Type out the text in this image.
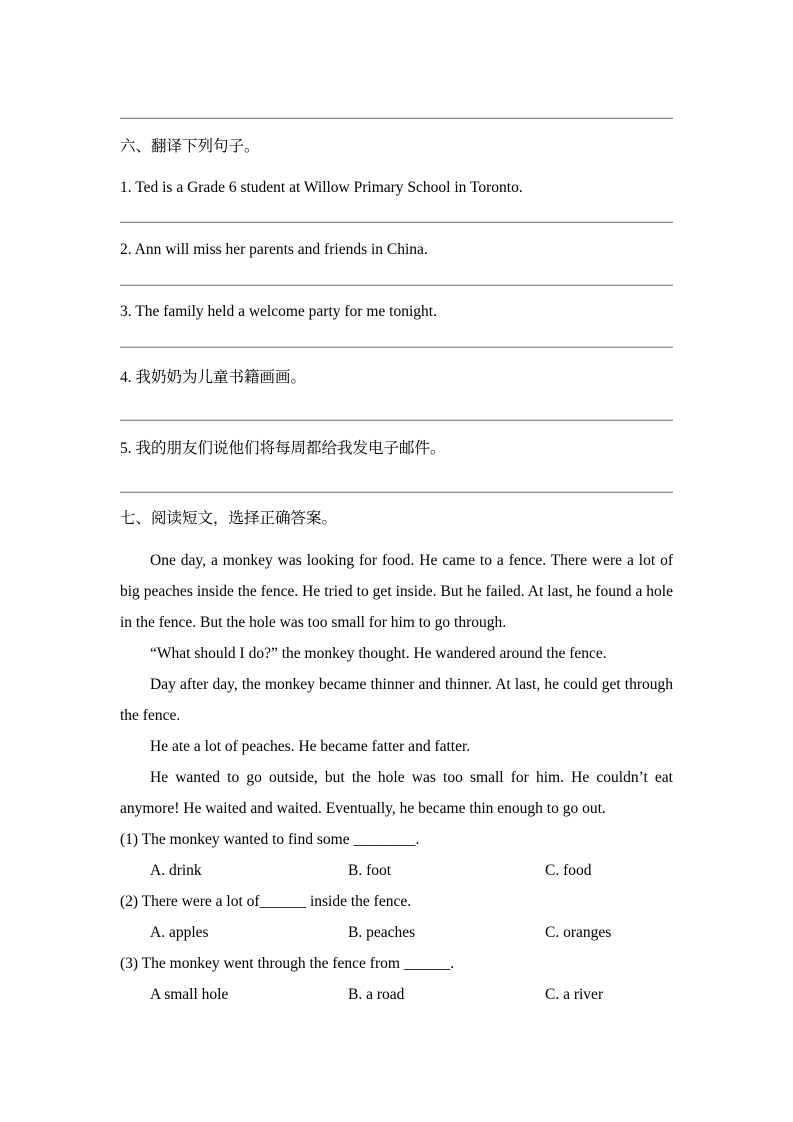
六、翻译下列句子。
1. Ted is a Grade 6 student at Willow Primary School in Toronto.
2. Ann will miss her parents and friends in China.
3. The family held a welcome party for me tonight.
4. 我奶奶为儿童书籍画画。
5. 我的朋友们说他们将每周都给我发电子邮件。
七、阅读短文，选择正确答案。

One day, a monkey was looking for food. He came to a fence. There were a lot of big peaches inside the fence. He tried to get inside. But he failed. At last, he found a hole in the fence. But the hole was too small for him to go through.

“What should I do?” the monkey thought. He wandered around the fence.

Day after day, the monkey became thinner and thinner. At last, he could get through the fence.

He ate a lot of peaches. He became fatter and fatter.

He wanted to go outside, but the hole was too small for him. He couldn’t eat anymore! He waited and waited. Eventually, he became thin enough to go out.

(1) The monkey wanted to find some ________.

A. drink	B. foot	C. food

(2) There were a lot of______ inside the fence.

A. apples	B. peaches	C. oranges

(3) The monkey went through the fence from ______.

A small hole	B. a road	C. a river
